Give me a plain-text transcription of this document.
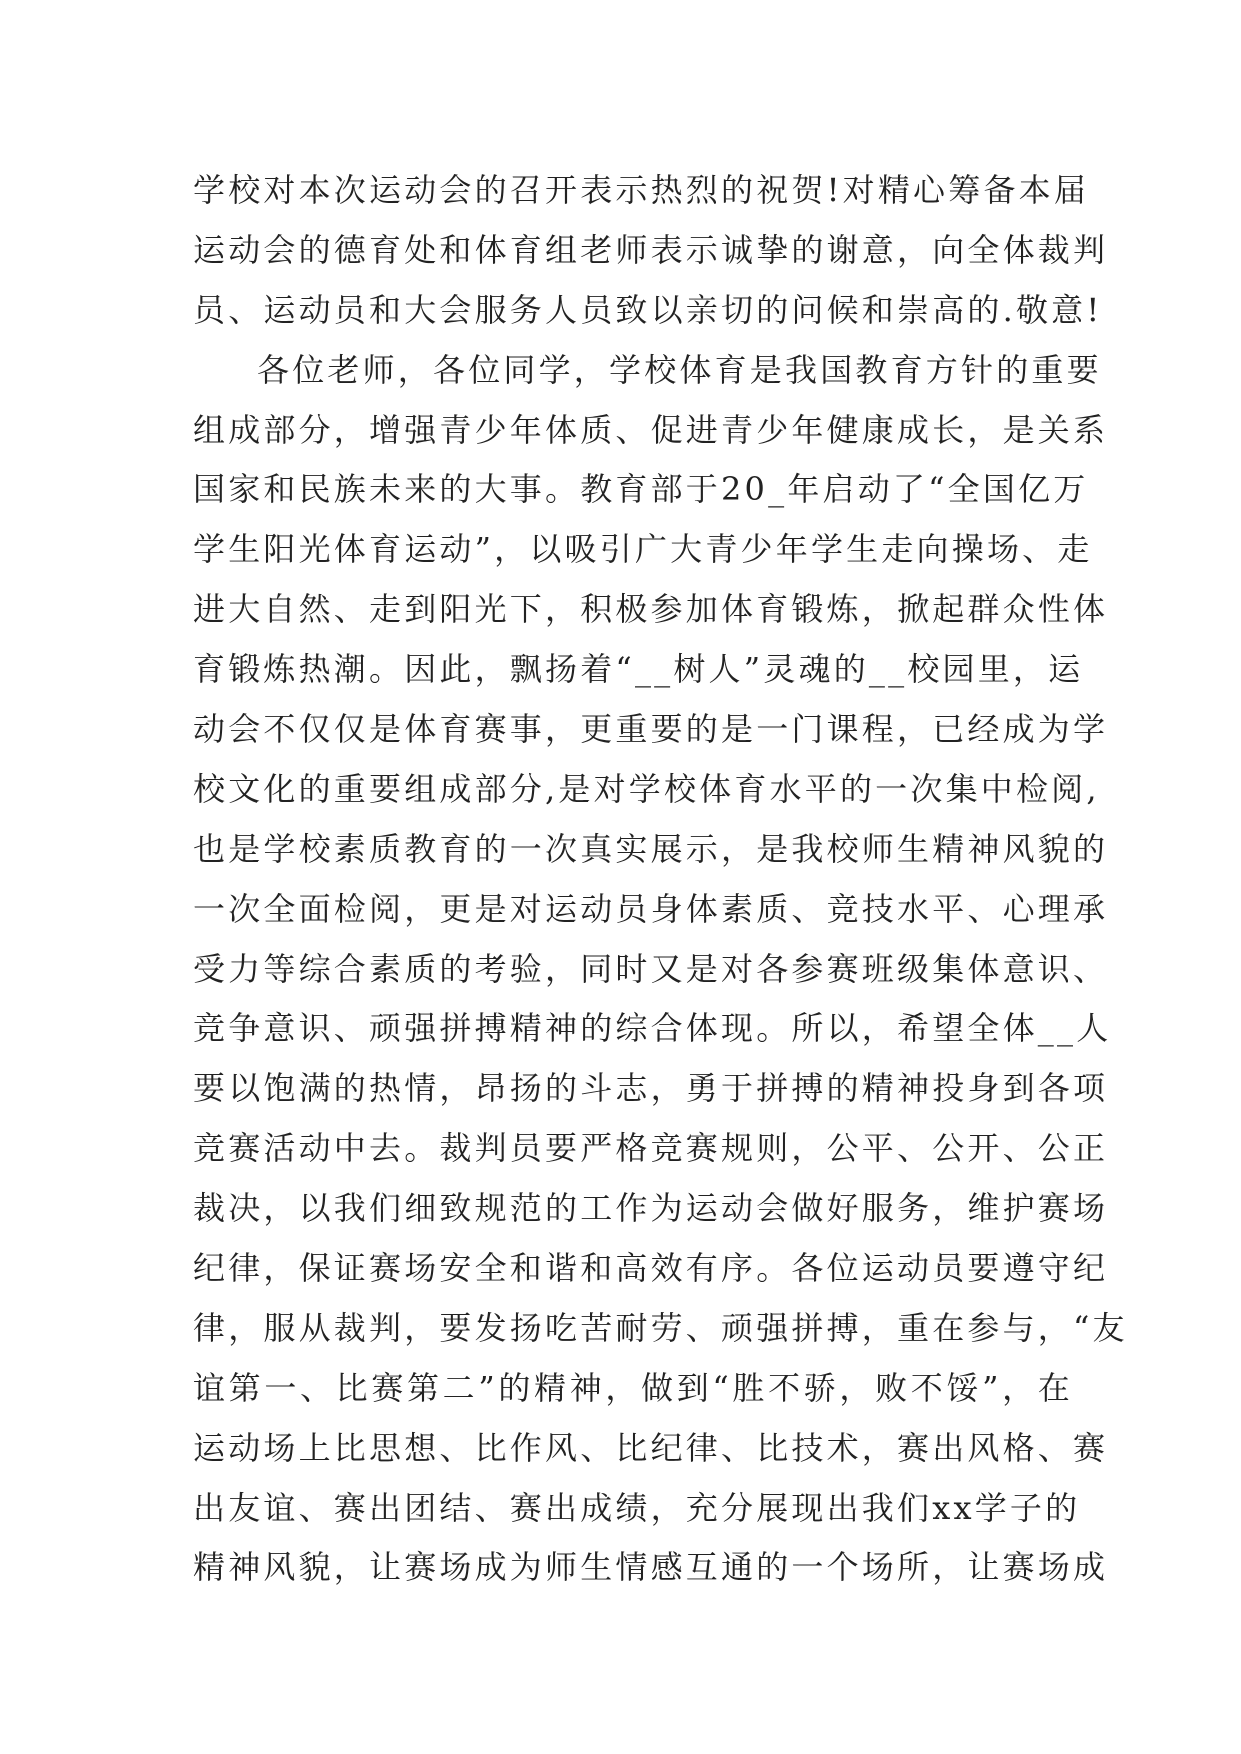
学校对本次运动会的召开表示热烈的祝贺!对精心筹备本届
运动会的德育处和体育组老师表示诚挚的谢意，向全体裁判
员、运动员和大会服务人员致以亲切的问候和崇高的.敬意!
各位老师，各位同学，学校体育是我国教育方针的重要
组成部分，增强青少年体质、促进青少年健康成长，是关系
国家和民族未来的大事。教育部于20_年启动了“全国亿万
学生阳光体育运动”，以吸引广大青少年学生走向操场、走
进大自然、走到阳光下，积极参加体育锻炼，掀起群众性体
育锻炼热潮。因此，飘扬着“__树人”灵魂的__校园里，运
动会不仅仅是体育赛事，更重要的是一门课程，已经成为学
校文化的重要组成部分,是对学校体育水平的一次集中检阅,
也是学校素质教育的一次真实展示，是我校师生精神风貌的
一次全面检阅，更是对运动员身体素质、竞技水平、心理承
受力等综合素质的考验，同时又是对各参赛班级集体意识、
竞争意识、顽强拼搏精神的综合体现。所以，希望全体__人
要以饱满的热情，昂扬的斗志，勇于拼搏的精神投身到各项
竞赛活动中去。裁判员要严格竞赛规则，公平、公开、公正
裁决，以我们细致规范的工作为运动会做好服务，维护赛场
纪律，保证赛场安全和谐和高效有序。各位运动员要遵守纪
律，服从裁判，要发扬吃苦耐劳、顽强拼搏，重在参与，“友
谊第一、比赛第二”的精神，做到“胜不骄，败不馁”，在
运动场上比思想、比作风、比纪律、比技术，赛出风格、赛
出友谊、赛出团结、赛出成绩，充分展现出我们xx学子的
精神风貌，让赛场成为师生情感互通的一个场所，让赛场成
